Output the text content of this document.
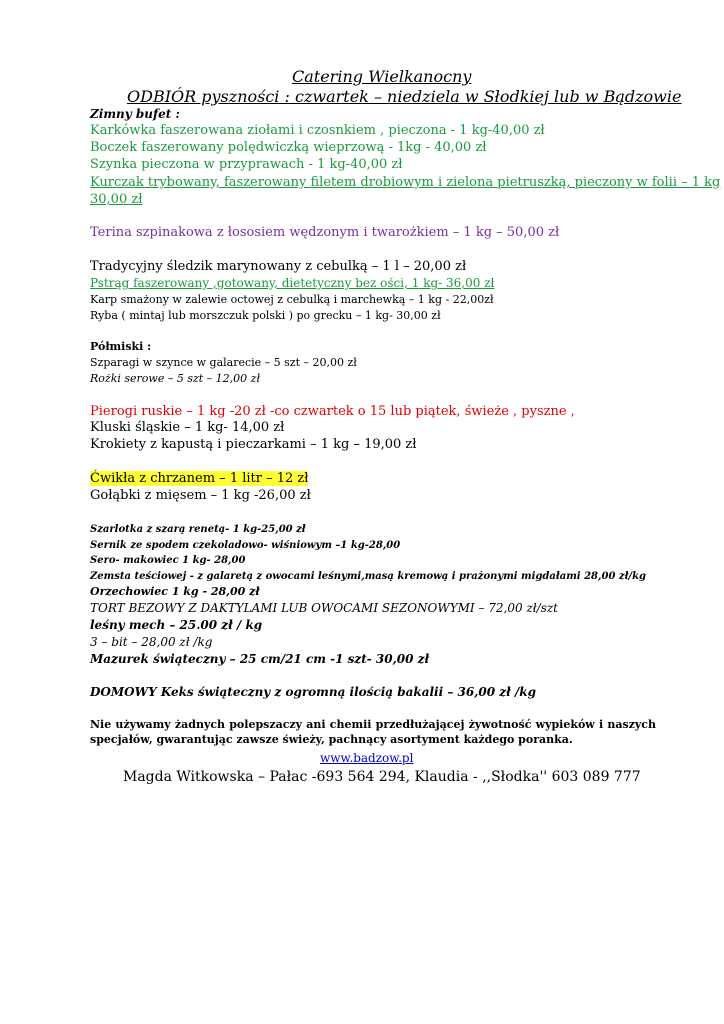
Catering Wielkanocny
ODBIÓR pyszności : czwartek – niedziela w Słodkiej lub w Bądzowie
Zimny bufet :
Karkówka faszerowana ziołami i czosnkiem , pieczona - 1 kg-40,00 zł
Boczek faszerowany polędwiczką wieprzową - 1kg - 40,00 zł
Szynka pieczona w przyprawach - 1 kg-40,00 zł
Kurczak trybowany, faszerowany filetem drobiowym i zielona pietruszką, pieczony w folii – 1 kg
30,00 zł
Terina szpinakowa z łososiem wędzonym i twarożkiem – 1 kg – 50,00 zł
Tradycyjny śledzik marynowany z cebulką – 1 l – 20,00 zł
Pstrąg faszerowany ,gotowany, dietetyczny bez ości, 1 kg- 36,00 zł
Karp smażony w zalewie octowej z cebulką i marchewką – 1 kg - 22,00zł
Ryba ( mintaj lub morszczuk polski ) po grecku – 1 kg- 30,00 zł
Półmiski :
Szparagi w szynce w galarecie – 5 szt – 20,00 zł
Rożki serowe – 5 szt – 12,00 zł
Pierogi ruskie – 1 kg -20 zł -co czwartek o 15 lub piątek, świeże , pyszne ,
Kluski śląskie – 1 kg- 14,00 zł
Krokiety z kapustą i pieczarkami – 1 kg – 19,00 zł
Ćwikła z chrzanem – 1 litr – 12 zł
Gołąbki z mięsem – 1 kg -26,00 zł
Szarlotka z szarą renetą- 1 kg-25,00 zł
Sernik ze spodem czekoladowo- wiśniowym –1 kg-28,00
Sero- makowiec 1 kg- 28,00
Zemsta teściowej - z galaretą z owocami leśnymi,masą kremową i prażonymi migdałami 28,00 zł/kg
Orzechowiec 1 kg - 28,00 zł
TORT BEZOWY Z DAKTYLAMI LUB OWOCAMI SEZONOWYMI – 72,00 zł/szt
leśny mech – 25.00 zł / kg
3 – bit – 28,00 zł /kg
Mazurek świąteczny – 25 cm/21 cm -1 szt- 30,00 zł
DOMOWY Keks świąteczny z ogromną ilością bakalii – 36,00 zł /kg
Nie używamy żadnych polepszaczy ani chemii przedłużającej żywotność wypieków i naszych specjałów, gwarantując zawsze świeży, pachnący asortyment każdego poranka.
www.badzow.pl
Magda Witkowska – Pałac -693 564 294, Klaudia - ,,Słodka'' 603 089 777
